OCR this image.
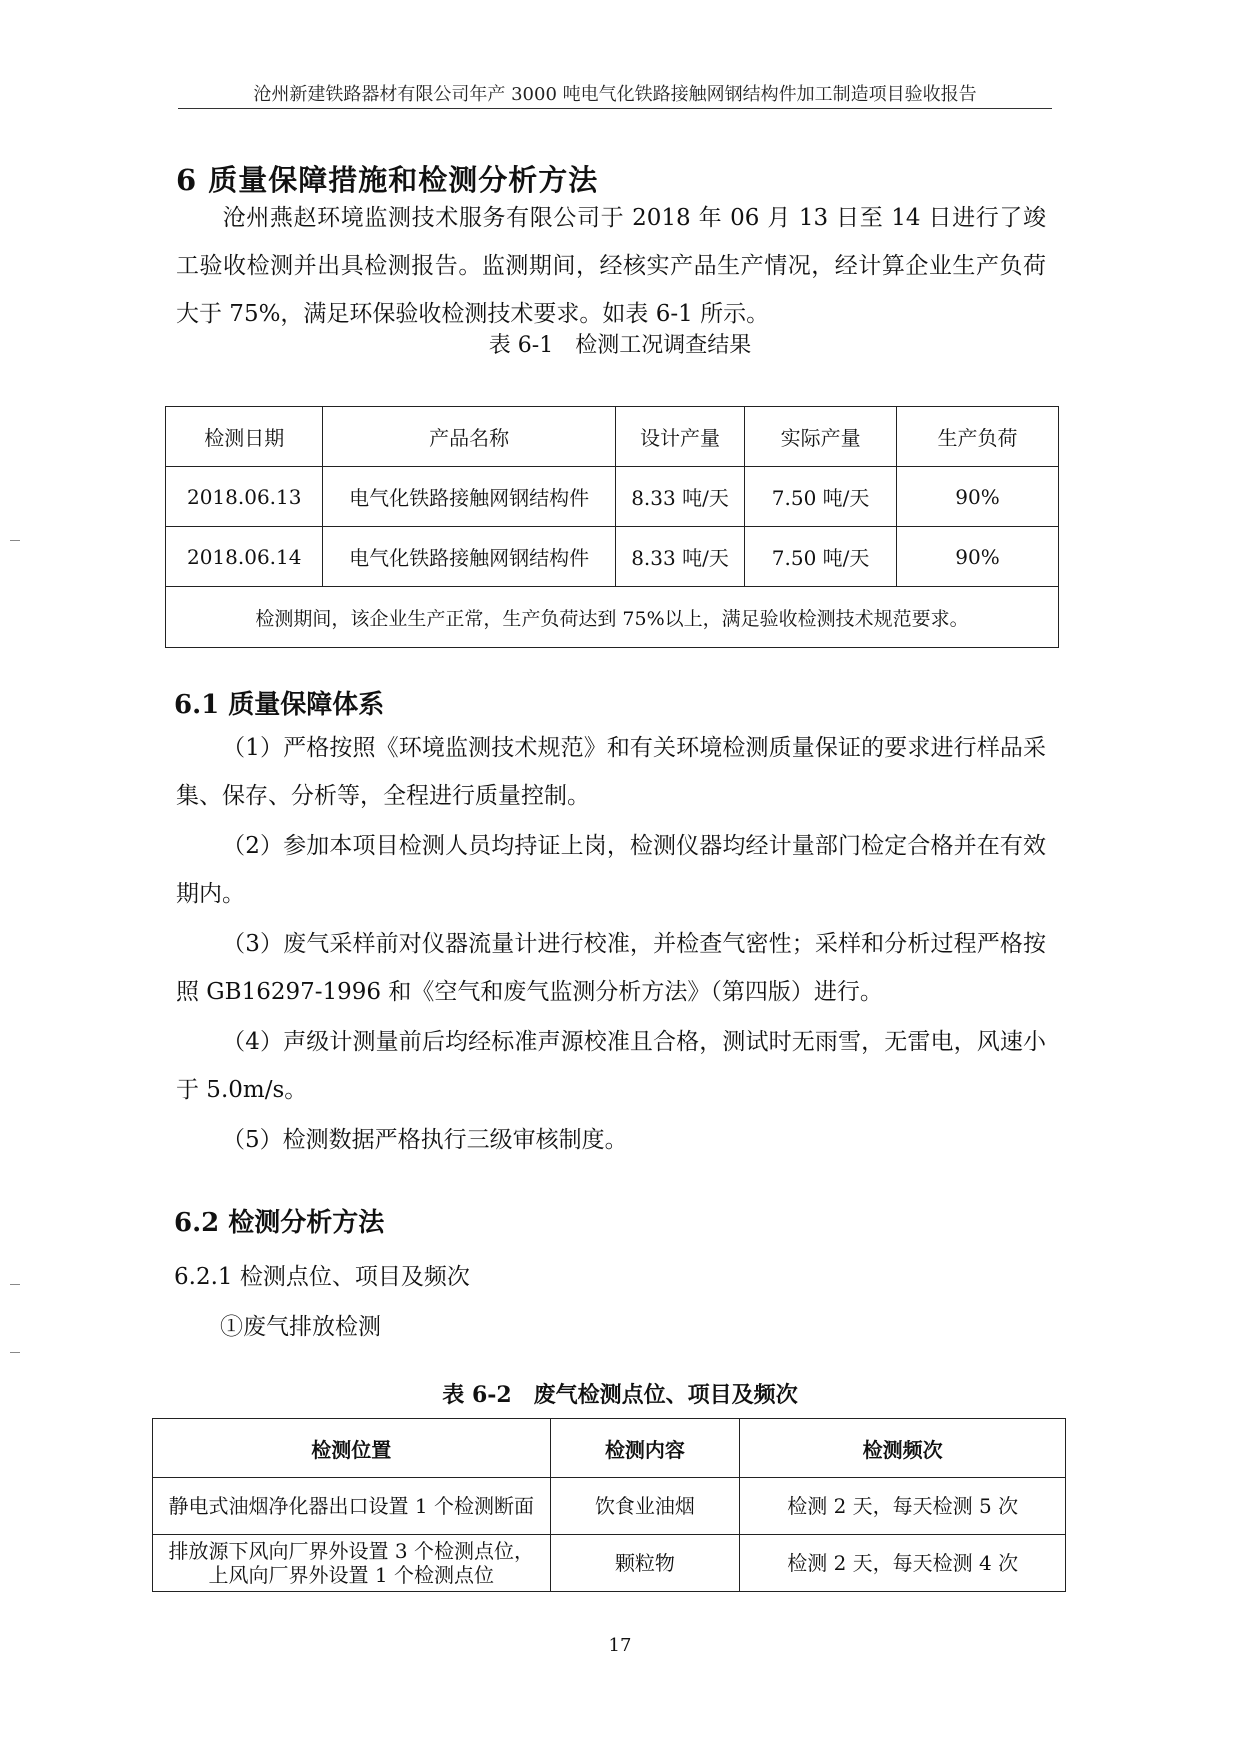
沧州新建铁路器材有限公司年产 3000 吨电气化铁路接触网钢结构件加工制造项目验收报告
6 质量保障措施和检测分析方法
沧州燕赵环境监测技术服务有限公司于 2018 年 06 月 13 日至 14 日进行了竣工验收检测并出具检测报告。监测期间，经核实产品生产情况，经计算企业生产负荷大于 75%，满足环保验收检测技术要求。如表 6-1 所示。
表 6-1　检测工况调查结果
检测日期	产品名称	设计产量	实际产量	生产负荷
2018.06.13	电气化铁路接触网钢结构件	8.33 吨/天	7.50 吨/天	90%
2018.06.14	电气化铁路接触网钢结构件	8.33 吨/天	7.50 吨/天	90%
检测期间，该企业生产正常，生产负荷达到 75%以上，满足验收检测技术规范要求。				
6.1 质量保障体系
（1）严格按照《环境监测技术规范》和有关环境检测质量保证的要求进行样品采集、保存、分析等，全程进行质量控制。
（2）参加本项目检测人员均持证上岗，检测仪器均经计量部门检定合格并在有效期内。
（3）废气采样前对仪器流量计进行校准，并检查气密性；采样和分析过程严格按照 GB16297-1996 和《空气和废气监测分析方法》（第四版）进行。
（4）声级计测量前后均经标准声源校准且合格，测试时无雨雪，无雷电，风速小于 5.0m/s。
（5）检测数据严格执行三级审核制度。
6.2 检测分析方法
6.2.1 检测点位、项目及频次
①废气排放检测
表 6-2　废气检测点位、项目及频次
检测位置	检测内容	检测频次
静电式油烟净化器出口设置 1 个检测断面	饮食业油烟	检测 2 天，每天检测 5 次

排放源下风向厂界外设置 3 个检测点位，
上风向厂界外设置 1 个检测点位	颗粒物	检测 2 天，每天检测 4 次
17
